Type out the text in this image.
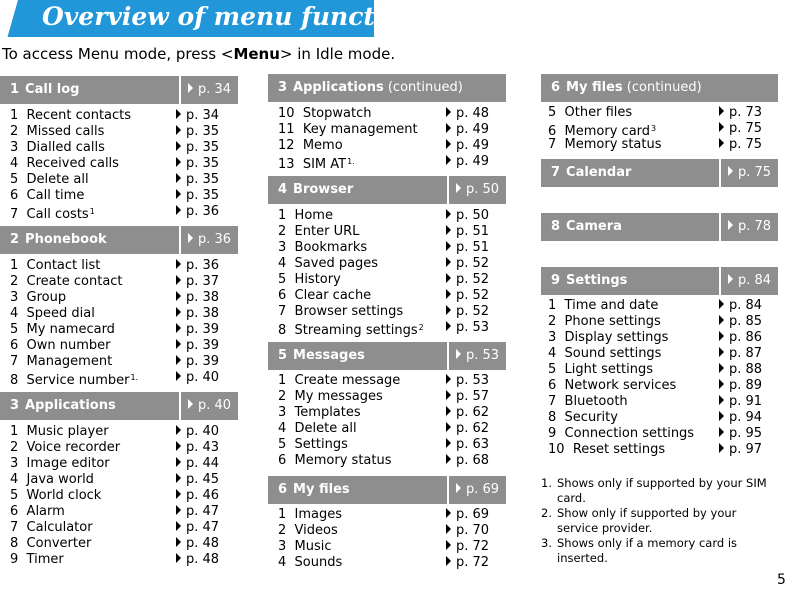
Overview of menu functions
To access Menu mode, press <Menu> in Idle mode.
1 Call log	p. 34
1 Recent contacts	p. 34
2 Missed calls	p. 35
3 Dialled calls	p. 35
4 Received calls	p. 35
5 Delete all	p. 35
6 Call time	p. 35
7 Call costs$^1$	p. 36
2 Phonebook	p. 36
1 Contact list	p. 36
2 Create contact	p. 37
3 Group	p. 38
4 Speed dial	p. 38
5 My namecard	p. 39
6 Own number	p. 39
7 Management	p. 39
8 Service number$^{1.}$	p. 40
3 Applications	p. 40
1 Music player	p. 40
2 Voice recorder	p. 43
3 Image editor	p. 44
4 Java world	p. 45
5 World clock	p. 46
6 Alarm	p. 47
7 Calculator	p. 47
8 Converter	p. 48
9 Timer	p. 48
3 Applications (continued)
10 Stopwatch	p. 48
11 Key management	p. 49
12 Memo	p. 49
13 SIM AT$^{1.}$	p. 49
4 Browser	p. 50
1 Home	p. 50
2 Enter URL	p. 51
3 Bookmarks	p. 51
4 Saved pages	p. 52
5 History	p. 52
6 Clear cache	p. 52
7 Browser settings	p. 52
8 Streaming settings$^2$	p. 53
5 Messages	p. 53
1 Create message	p. 53
2 My messages	p. 57
3 Templates	p. 62
4 Delete all	p. 62
5 Settings	p. 63
6 Memory status	p. 68
6 My files	p. 69
1 Images	p. 69
2 Videos	p. 70
3 Music	p. 72
4 Sounds	p. 72
6 My files (continued)
5 Other files	p. 73
6 Memory card$^3$	p. 75
7 Memory status	p. 75
7 Calendar	p. 75
8 Camera	p. 78
9 Settings	p. 84
1 Time and date	p. 84
2 Phone settings	p. 85
3 Display settings	p. 86
4 Sound settings	p. 87
5 Light settings	p. 88
6 Network services	p. 89
7 Bluetooth	p. 91
8 Security	p. 94
9 Connection settings	p. 95
10 Reset settings	p. 97
1. Shows only if supported by your SIM card.
2. Show only if supported by your service provider.
3. Shows only if a memory card is inserted.
5
